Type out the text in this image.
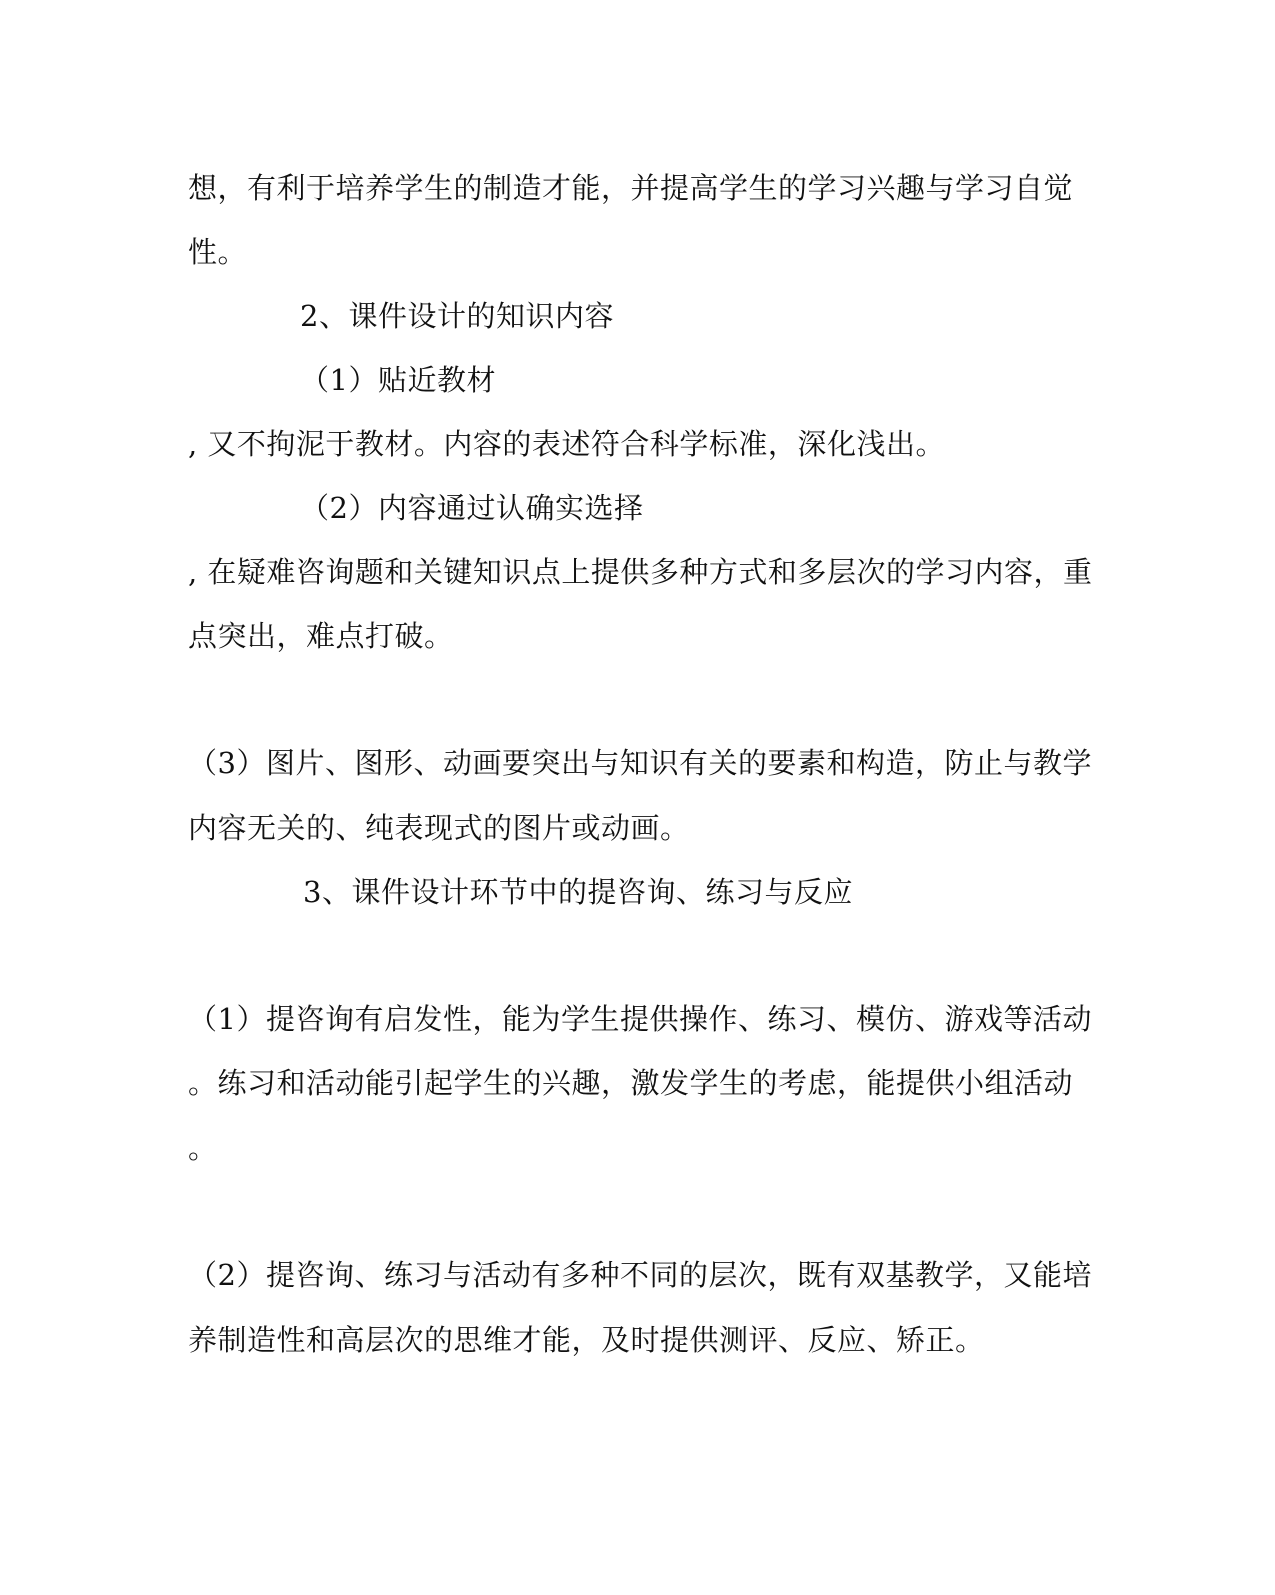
想，有利于培养学生的制造才能，并提高学生的学习兴趣与学习自觉
性。
2、课件设计的知识内容
（1）贴近教材
, 又不拘泥于教材。内容的表述符合科学标准，深化浅出。
（2）内容通过认确实选择
, 在疑难咨询题和关键知识点上提供多种方式和多层次的学习内容，重
点突出，难点打破。
（3）图片、图形、动画要突出与知识有关的要素和构造，防止与教学
内容无关的、纯表现式的图片或动画。
3、课件设计环节中的提咨询、练习与反应
（1）提咨询有启发性，能为学生提供操作、练习、模仿、游戏等活动
。练习和活动能引起学生的兴趣，激发学生的考虑，能提供小组活动
。
（2）提咨询、练习与活动有多种不同的层次，既有双基教学，又能培
养制造性和高层次的思维才能，及时提供测评、反应、矫正。
